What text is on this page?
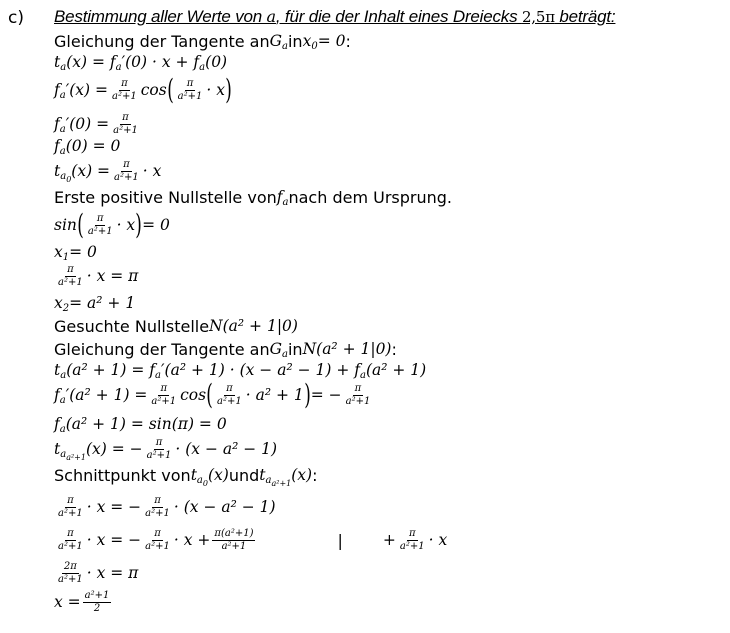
c) Bestimmung aller Werte von a, für die der Inhalt eines Dreiecks 2,5π beträgt:
Gleichung der Tangente an G a in x 0 = 0 :
t a (x) = f a ′(0) · x + f a (0)
f a $'(x) = \frac{\pi}{\text{a²+1}}$ cos ( $\frac{\pi}{\text{a²+1}} \cdot x$ )
f a $'(0) = \frac{\pi}{\text{a²+1}}$
f a (0) = 0
t $a_0$ $(x) = \frac{\pi}{\text{a²+1}} \cdot x$
Erste positive Nullstelle von f a nach dem Ursprung.
sin ( $\frac{\pi}{\text{a²+1}} \cdot x$ ) = 0
x 1 = 0
$\frac{\pi}{\text{a²+1}} \cdot x = \pi$
x 2 = a² + 1
Gesuchte Nullstelle N(a² + 1|0)
Gleichung der Tangente an G a in N(a² + 1|0) :
t a (a² + 1) = f a ′(a² + 1) · (x − a² − 1) + f a (a² + 1)
f a $'(a^2 + 1) = \frac{\pi}{\text{a²+1}}$ cos ( $\frac{\pi}{\text{a²+1}} \cdot a^2 + 1$ ) = − $\frac{\pi}{\text{a²+1}}$
f a (a² + 1) = sin(π) = 0
t $a_{a^2+1}$ (x) = − $\frac{\pi}{\text{a²+1}} \cdot (x - a^2 - 1)$
Schnittpunkt von t $a_0$ (x) und t $a_{a^2+1}$ (x) :
$\frac{\pi}{\text{a²+1}} \cdot x$ = − $\frac{\pi}{\text{a²+1}} \cdot (x - a^2 - 1)$
$\frac{\pi}{\text{a²+1}} \cdot x$ = − $\frac{\pi}{\text{a²+1}} \cdot x + \frac{\text{π(a²+1)}}{\text{a²+1}}$	|	+ $\frac{\pi}{\text{a²+1}} \cdot x$
$\frac{2\pi}{\text{a²+1}} \cdot x = \pi$
$x = \frac{\text{a²+1}}{2}$
